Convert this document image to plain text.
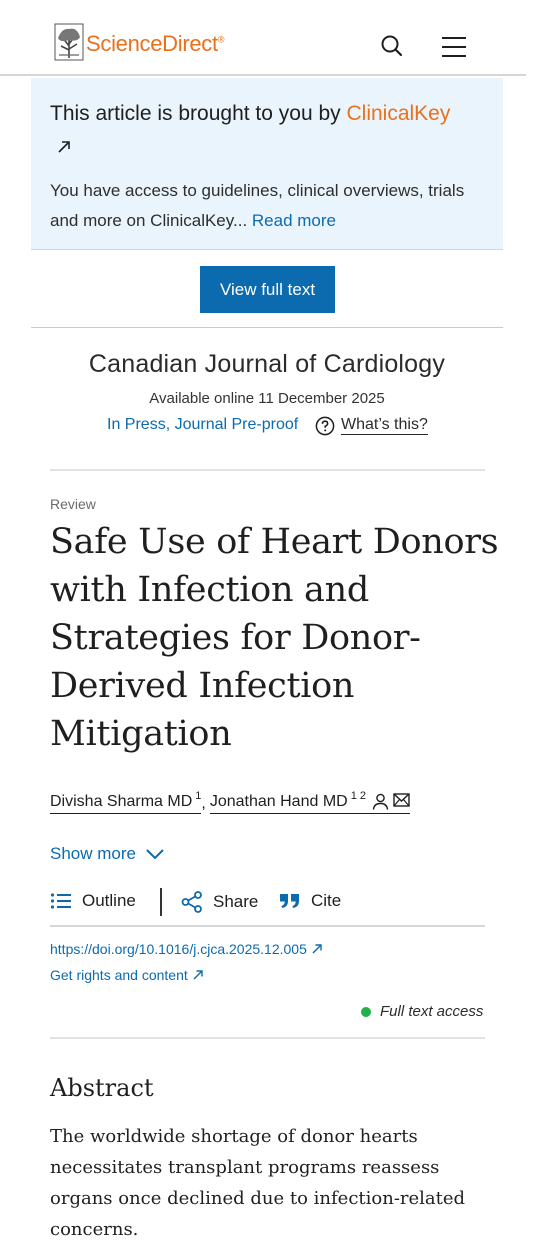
ScienceDirect®
This article is brought to you by ClinicalKey
You have access to guidelines, clinical overviews, trials and more on ClinicalKey... Read more
View full text
Canadian Journal of Cardiology
Available online 11 December 2025
In Press, Journal Pre-proof	What’s this?
Review
Safe Use of Heart Donors with Infection and Strategies for Donor-Derived Infection Mitigation
Divisha Sharma MD $^1$ , Jonathan Hand MD $^{1 2}$
Show more
Outline	Share	Cite
https://doi.org/10.1016/j.cjca.2025.12.005
Get rights and content
Full text access
Abstract
The worldwide shortage of donor hearts necessitates transplant programs reassess organs once declined due to infection-related concerns.
